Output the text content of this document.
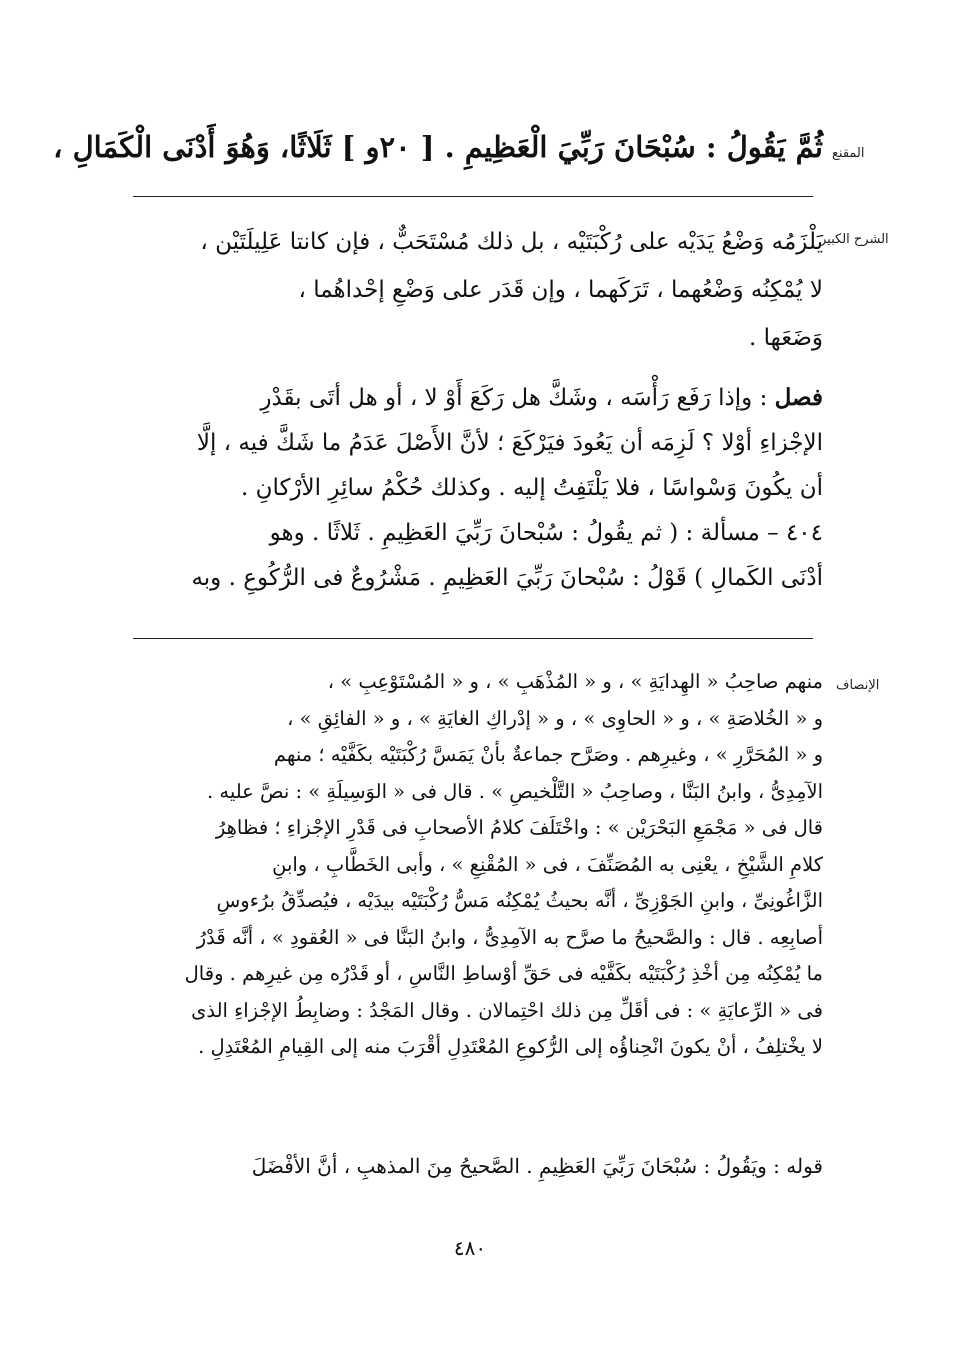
المقنع
الشرح الكبير
الإنصاف
ثُمَّ يَقُولُ : سُبْحَانَ رَبِّيَ الْعَظِيمِ . [ ٢٠و ] ثَلَاثًا، وَهُوَ أَدْنَى الْكَمَالِ ،
يَلْزَمُه وَضْعُ يَدَيْه على رُكْبَتَيْه ، بل ذلك مُسْتَحَبٌّ ، فإن كانتا عَلِيلَتَيْن ،
لا يُمْكِنُه وَضْعُهما ، تَرَكَهما ، وإن قَدَر على وَضْعِ إحْداهُما ،
وَضَعَها .
فصل : وإذا رَفَع رَأْسَه ، وشَكَّ هل رَكَعَ أَوْ لا ، أو هل أتَى بقَدْرِ
الإجْزاءِ أوْلا ؟ لَزِمَه أن يَعُودَ فيَرْكَعَ ؛ لأنَّ الأَصْلَ عَدَمُ ما شَكَّ فيه ، إلَّا
أن يكُونَ وَسْواسًا ، فلا يَلْتَفِتُ إليه . وكذلك حُكْمُ سائِرِ الأرْكانِ .
٤٠٤ – مسألة : ( ثم يقُولُ : سُبْحانَ رَبِّيَ العَظِيمِ . ثَلاثًا . وهو
أدْنَى الكَمالِ ) قَوْلُ : سُبْحانَ رَبِّيَ العَظِيمِ . مَشْرُوعٌ فى الرُّكُوعِ . وبه
منهم صاحِبُ « الهِدايَةِ » ، و « المُذْهَبِ » ، و « المُسْتَوْعِبِ » ،
و « الخُلاصَةِ » ، و « الحاوِى » ، و « إدْراكِ الغايَةِ » ، و « الفائِقِ » ،
و « المُحَرَّرِ » ، وغيرِهم . وصَرَّح جماعةٌ بأنْ يَمَسَّ رُكْبَتَيْه بكَفَّيْه ؛ منهم
الآمِدِىُّ ، وابنُ البَنَّا ، وصاحِبُ « التَّلْخيصِ » . قال فى « الوَسِيلَةِ » : نصَّ عليه .
قال فى « مَجْمَعِ البَحْرَيْن » : واخْتَلَفَ كلامُ الأصحابِ فى قَدْرِ الإجْزاءِ ؛ فظاهِرُ
كلامِ الشَّيْخِ ، يعْنِى به المُصَنِّفَ ، فى « المُقْنِعِ » ، وأبى الخَطَّابِ ، وابنِ
الزَّاغُونِىِّ ، وابنِ الجَوْزِىِّ ، أنَّه بحيثُ يُمْكِنُه مَسُّ رُكْبَتَيْه بيدَيْه ، فيُصدِّقُ برُءوسِ
أصابِعِه . قال : والصَّحيحُ ما صرَّح به الآمِدِىُّ ، وابنُ البَنَّا فى « العُقودِ » ، أنَّه قَدْرُ
ما يُمْكِنُه مِن أخْذِ رُكْبَتَيْه بكَفَّيْه فى حَقِّ أوْساطِ النَّاسِ ، أو قَدْرُه مِن غيرِهم . وقال
فى « الرِّعايَةِ » : فى أقَلِّ مِن ذلك احْتِمالان . وقال المَجْدُ : وضابِطُ الإجْزاءِ الذى
لا يخْتلِفُ ، أنْ يكونَ انْحِناؤُه إلى الرُّكوعِ المُعْتَدِلِ أقْرَبَ منه إلى القِيامِ المُعْتَدِلِ .
قوله : ويَقُولُ : سُبْحَانَ رَبِّيَ العَظِيمِ . الصَّحيحُ مِنَ المذهبِ ، أنَّ الأفْضَلَ
٤٨٠
